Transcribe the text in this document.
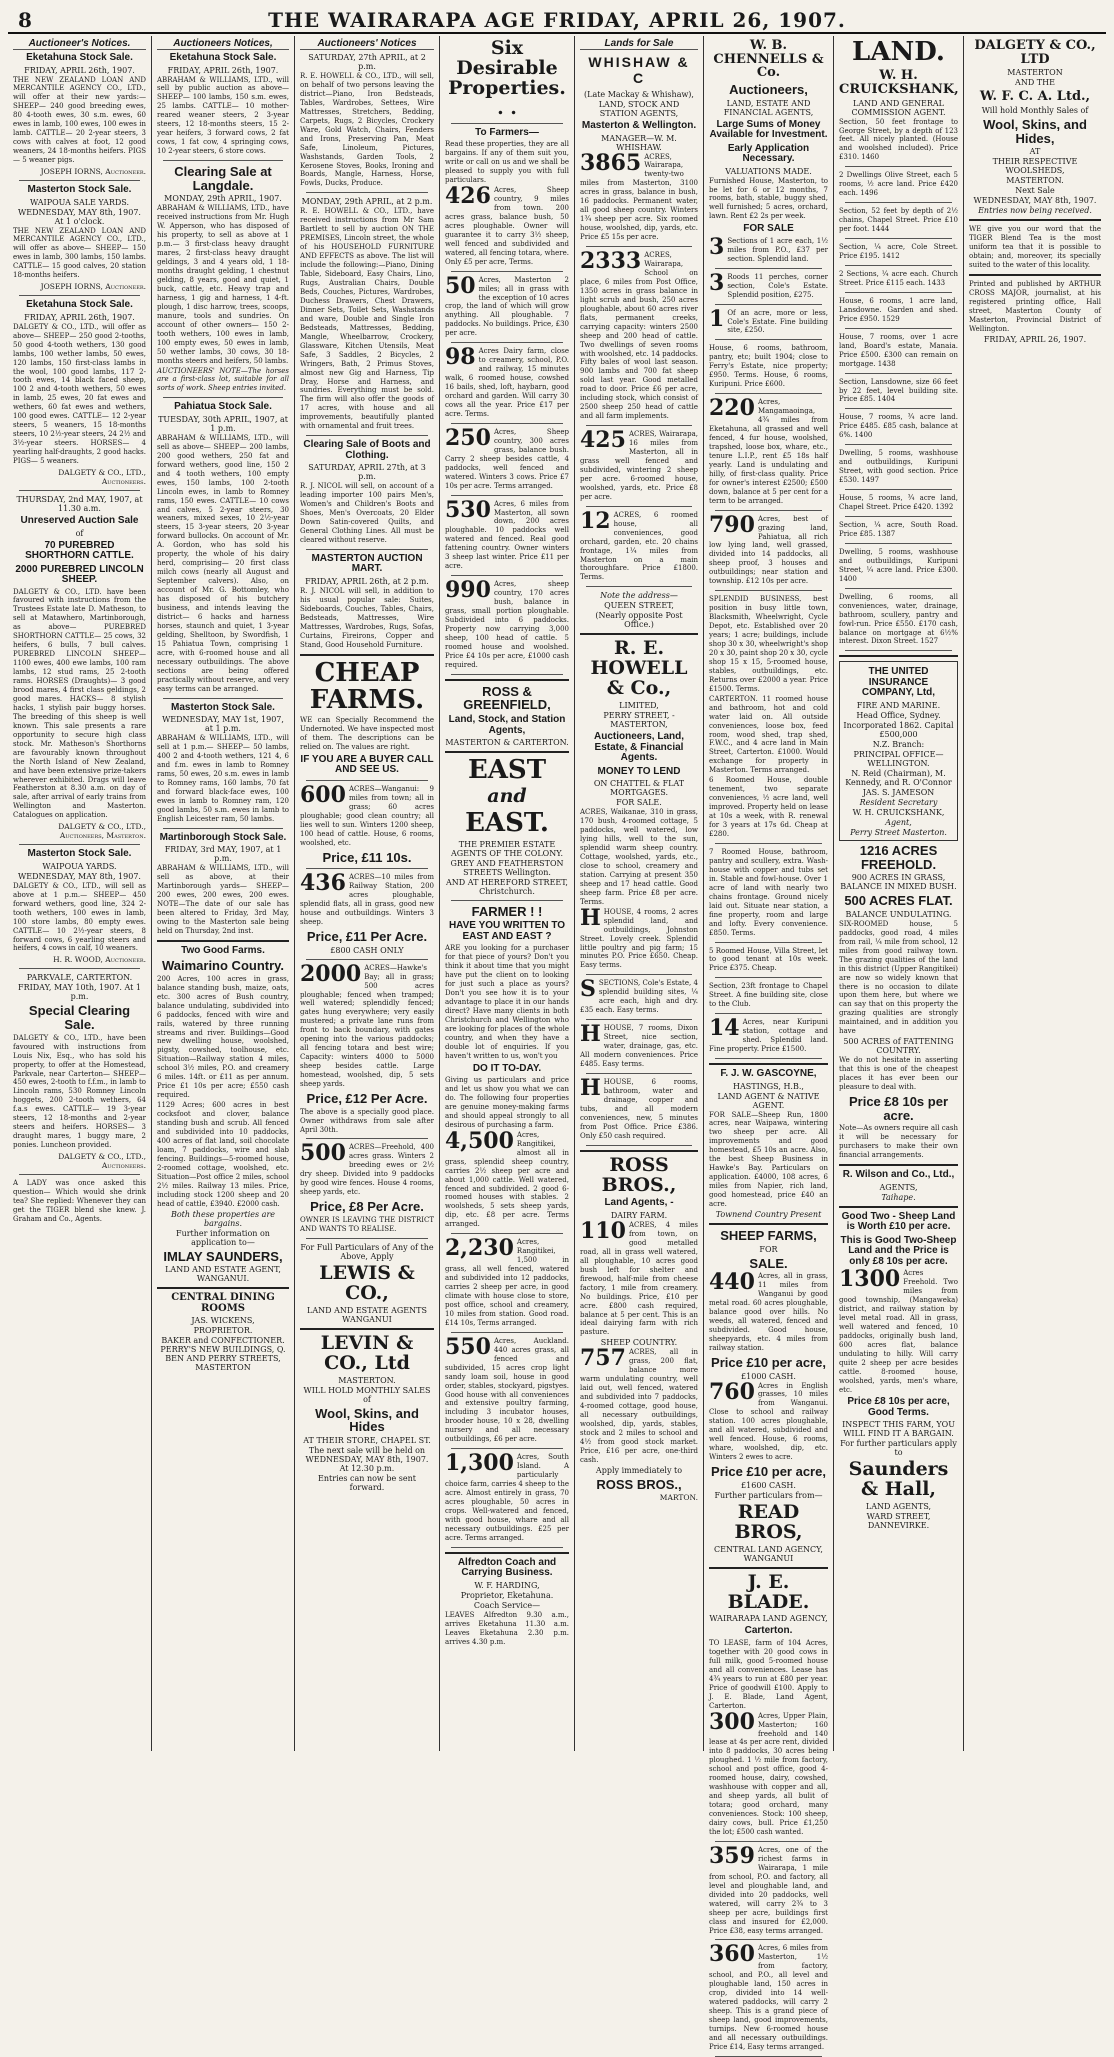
8	THE WAIRARAPA AGE FRIDAY, APRIL 26, 1907.
Auctioneer's Notices.
Eketahuna Stock Sale.
FRIDAY, APRIL 26th, 1907.
THE NEW ZEALAND LOAN AND MERCANTILE AGENCY CO., LTD., will offer at their new yards:— SHEEP— 240 good breeding ewes, 80 4-tooth ewes, 30 s.m. ewes, 60 ewes in lamb, 100 ewes, 100 ewes in lamb. CATTLE— 20 2-year steers, 3 cows with calves at foot, 12 good weaners, 24 18-months heifers. PIGS— 5 weaner pigs.
JOSEPH IORNS, Auctioneer.
Masterton Stock Sale.
WAIPOUA SALE YARDS.
WEDNESDAY, MAY 8th, 1907. At 1 o'clock.
THE NEW ZEALAND LOAN AND MERCANTILE AGENCY CO., LTD., will offer as above— SHEEP— 150 ewes in lamb, 300 lambs, 150 lambs. CATTLE— 15 good calves, 20 station 18-months heifers.
JOSEPH IORNS, Auctioneer.
Eketahuna Stock Sale.
FRIDAY, APRIL 26th, 1907.
DALGETY & CO., LTD., will offer as above— SHEEP— 250 good 2-tooths, 50 good 4-tooth wethers, 130 good lambs, 100 wether lambs, 50 ewes, 120 lambs, 150 first-class lambs in the wool, 100 good lambs, 117 2-tooth ewes, 14 black faced sheep, 100 2 and 4-tooth wethers, 50 ewes in lamb, 25 ewes, 20 fat ewes and wethers, 60 fat ewes and wethers, 100 good ewes. CATTLE— 12 2-year steers, 5 weaners, 15 18-months steers, 10 2½-year steers, 24 2½ and 3½-year steers. HORSES— 4 yearling half-draughts, 2 good hacks. PIGS— 5 weaners.
DALGETY & CO., LTD., Auctioneers.
THURSDAY, 2nd MAY, 1907, at 11.30 a.m.
Unreserved Auction Sale
of
70 PUREBRED SHORTHORN CATTLE.
2000 PUREBRED LINCOLN SHEEP.
DALGETY & CO., LTD. have been favoured with instructions from the Trustees Estate late D. Matheson, to sell at Matawhero, Martinborough, as above— PUREBRED SHORTHORN CATTLE— 25 cows, 32 heifers, 6 bulls, 7 bull calves. PUREBRED LINCOLN SHEEP— 1100 ewes, 400 ewe lambs, 100 ram lambs, 12 stud rams, 25 2-tooth rams. HORSES (Draughts)— 3 good brood mares, 4 first class geldings, 2 good mares. HACKS— 8 stylish hacks, 1 stylish pair buggy horses. The breeding of this sheep is well known. This sale presents a rare opportunity to secure high class stock. Mr. Matheson's Shorthorns are favourably known throughout the North Island of New Zealand, and have been extensive prize-takers wherever exhibited. Drags will leave Featherston at 8.30 a.m. on day of sale, after arrival of early trains from Wellington and Masterton. Catalogues on application.
DALGETY & CO., LTD., Auctioneers, Masterton.
Masterton Stock Sale.
WAIPOUA YARDS.
WEDNESDAY, MAY 8th, 1907.
DALGETY & CO., LTD., will sell as above at 1 p.m.— SHEEP— 450 forward wethers, good line, 324 2-tooth wethers, 100 ewes in lamb, 100 store lambs, 80 empty ewes. CATTLE— 10 2½-year steers, 8 forward cows, 6 yearling steers and heifers, 4 cows in calf, 10 weaners.
H. R. WOOD, Auctioneer.
PARKVALE, CARTERTON.
FRIDAY, MAY 10th, 1907. At 1 p.m.
Special Clearing Sale.
DALGETY & CO., LTD., have been favoured with instructions from Louis Nix, Esq., who has sold his property, to offer at the Homestead, Parkvale, near Carterton— SHEEP— 450 ewes, 2-tooth to f.f.m., in lamb to Lincoln rams, 530 Romney Lincoln hoggets, 200 2-tooth wethers, 64 f.a.s ewes. CATTLE— 19 3-year steers, 12 18-months and 2-year steers and heifers. HORSES— 3 draught mares, 1 buggy mare, 2 ponies. Luncheon provided.
DALGETY & CO., LTD., Auctioneers.
A LADY was once asked this question— Which would she drink tea? She replied: Whenever they can get the TIGER blend she knew. J. Graham and Co., Agents.
Auctioneers Notices,
Eketahuna Stock Sale.
FRIDAY, APRIL 26th, 1907.
ABRAHAM & WILLIAMS, LTD., will sell by public auction as above— SHEEP— 100 lambs, 150 s.m. ewes, 25 lambs. CATTLE— 10 mother-reared weaner steers, 2 3-year steers, 12 18-months steers, 15 2-year heifers, 3 forward cows, 2 fat cows, 1 fat cow, 4 springing cows, 10 2-year steers, 6 store cows.
Clearing Sale at Langdale.
MONDAY, 29th APRIL, 1907.
ABRAHAM & WILLIAMS, LTD., have received instructions from Mr. Hugh W. Apperson, who has disposed of his property, to sell as above at 1 p.m.— 3 first-class heavy draught mares, 2 first-class heavy draught geldings, 3 and 4 years old, 1 18-months draught gelding, 1 chestnut gelding, 8 years, good and quiet, 1 buck, cattle, etc. Heavy trap and harness, 1 gig and harness, 1 4-ft. plough, 1 disc harrow, trees, scoops, manure, tools and sundries. On account of other owners— 150 2-tooth wethers, 100 ewes in lamb, 100 empty ewes, 50 ewes in lamb, 50 wether lambs, 30 cows, 30 18-months steers and heifers, 50 lambs.
AUCTIONEERS' NOTE—The horses are a first-class lot, suitable for all sorts of work. Sheep entries invited.
Pahiatua Stock Sale.
TUESDAY, 30th APRIL, 1907, at 1 p.m.
ABRAHAM & WILLIAMS, LTD., will sell as above— SHEEP— 200 lambs, 200 good wethers, 250 fat and forward wethers, good line, 150 2 and 4 tooth wethers, 100 empty ewes, 150 lambs, 100 2-tooth Lincoln ewes, in lamb to Romney rams, 150 ewes. CATTLE— 10 cows and calves, 5 2-year steers, 30 weaners, mixed sexes, 10 2½-year steers, 15 3-year steers, 20 3-year forward bullocks. On account of Mr. A. Gordon, who has sold his property, the whole of his dairy herd, comprising— 20 first class milch cows (nearly all August and September calvers). Also, on account of Mr. G. Bottomley, who has disposed of his butchery business, and intends leaving the district— 6 hacks and harness horses, staunch and quiet, 1 3-year gelding, Shelltoon, by Swordfish, 1 15 Pahiatua Town, comprising 1 acre, with 6-roomed house and all necessary outbuildings. The above sections are being offered practically without reserve, and very easy terms can be arranged.
Masterton Stock Sale.
WEDNESDAY, MAY 1st, 1907, at 1 p.m.
ABRAHAM & WILLIAMS, LTD., will sell at 1 p.m.— SHEEP— 50 lambs, 400 2 and 4-tooth wethers, 121 4, 6 and f.m. ewes in lamb to Romney rams, 50 ewes, 20 s.m. ewes in lamb to Romney rams, 160 lambs, 70 fat and forward black-face ewes, 100 ewes in lamb to Romney ram, 120 good lambs, 50 s.m. ewes in lamb to English Leicester ram, 50 lambs.
Martinborough Stock Sale.
FRIDAY, 3rd MAY, 1907, at 1 p.m.
ABRAHAM & WILLIAMS, LTD., will sell as above, at their Martinborough yards— SHEEP— 200 ewes, 200 ewes, 200 ewes. NOTE—The date of our sale has been altered to Friday, 3rd May, owing to the Masterton sale being held on Thursday, 2nd inst.
Two Good Farms.
Waimarino Country.
200 Acres, 100 acres in grass, balance standing bush, maize, oats, etc. 300 acres of Bush country, balance undulating, subdivided into 6 paddocks, fenced with wire and rails, watered by three running streams and river. Buildings—Good new dwelling house, woolshed, pigsty, cowshed, toolhouse, etc. Situation—Railway station 4 miles, school 3½ miles, P.O. and creamery 6 miles. 14ft. or £11 as per annum. Price £1 10s per acre; £550 cash required.
1129 Acres; 600 acres in best cocksfoot and clover, balance standing bush and scrub. All fenced and subdivided into 10 paddocks, 400 acres of flat land, soil chocolate loam, 7 paddocks, wire and slab fencing. Buildings—5-roomed house, 2-roomed cottage, woolshed, etc. Situation—Post office 2 miles, school 2½ miles. Railway 13 miles. Price, including stock 1200 sheep and 20 head of cattle, £3940. £2000 cash.
Both these properties are bargains.
Further information on application to—
IMLAY SAUNDERS,
LAND AND ESTATE AGENT, WANGANUI.
CENTRAL DINING ROOMS
JAS. WICKENS,
PROPRIETOR.
BAKER and CONFECTIONER. PERRY'S NEW BUILDINGS, Q. BEN AND PERRY STREETS, MASTERTON
Auctioneers' Notices
SATURDAY, 27th APRIL, at 2 p.m.
R. E. HOWELL & CO., LTD., will sell, on behalf of two persons leaving the district—Piano, Iron Bedsteads, Tables, Wardrobes, Settees, Wire Mattresses, Stretchers, Bedding, Carpets, Rugs, 2 Bicycles, Crockery Ware, Gold Watch, Chairs, Fenders and Irons, Preserving Pan, Meat Safe, Linoleum, Pictures, Washstands, Garden Tools, 2 Kerosene Stoves, Books, Ironing and Boards, Mangle, Harness, Horse, Fowls, Ducks, Produce.
MONDAY, 29th APRIL, at 2 p.m.
R. E. HOWELL & CO., LTD., have received instructions from Mr Sam Bartlett to sell by auction ON THE PREMISES, Lincoln street, the whole of his HOUSEHOLD FURNITURE AND EFFECTS as above. The list will include the following:—Piano, Dining Table, Sideboard, Easy Chairs, Lino, Rugs, Australian Chairs, Double Beds, Couches, Pictures, Wardrobes, Duchess Drawers, Chest Drawers, Dinner Sets, Toilet Sets, Washstands and ware, Double and Single Iron Bedsteads, Mattresses, Bedding, Mangle, Wheelbarrow, Crockery, Glassware, Kitchen Utensils, Meat Safe, 3 Saddles, 2 Bicycles, 2 Wringers, Bath, 2 Primus Stoves, almost new Gig and Harness, Tip Dray, Horse and Harness, and sundries. Everything must be sold. The firm will also offer the goods of 17 acres, with house and all improvements, beautifully planted with ornamental and fruit trees.
Clearing Sale of Boots and Clothing.
SATURDAY, APRIL 27th, at 3 p.m.
R. J. NICOL will sell, on account of a leading importer 100 pairs Men's, Women's and Children's Boots and Shoes, Men's Overcoats, 20 Elder Down Satin-covered Quilts, and General Clothing Lines. All must be cleared without reserve.
MASTERTON AUCTION MART.
FRIDAY, APRIL 26th, at 2 p.m.
R. J. NICOL will sell, in addition to his usual popular sale: Suites, Sideboards, Couches, Tables, Chairs, Bedsteads, Mattresses, Wire Mattresses, Wardrobes, Rugs, Sofas, Curtains, Fireirons, Copper and Stand, Good Household Furniture.
CHEAP FARMS.
WE can Specially Recommend the Undernoted. We have inspected most of them. The descriptions can be relied on. The values are right.
IF YOU ARE A BUYER CALL AND SEE US.
600 ACRES—Wanganui: 9 miles from town; all in grass; 60 acres ploughable; good clean country; all lies well to sun. Winters 1200 sheep, 100 head of cattle. House, 6 rooms, woolshed, etc.
Price, £11 10s.
436 ACRES—10 miles from Railway Station, 200 acres ploughable, splendid flats, all in grass, good new house and outbuildings. Winters 3 sheep.
Price, £11 Per Acre.
£800 CASH ONLY
2000 ACRES—Hawke's Bay; all in grass; 500 acres ploughable; fenced when tramped; well watered; splendidly fenced; gates hung everywhere; very easily mustered; a private lane runs from front to back boundary, with gates opening into the various paddocks; all fencing totara and best wire; Capacity: winters 4000 to 5000 sheep besides cattle. Large homestead, woolshed, dip, 5 sets sheep yards.
Price, £12 Per Acre.
The above is a specially good place. Owner withdraws from sale after April 30th.
500 ACRES—Freehold, 400 acres grass. Winters 2 breeding ewes or 2½ dry sheep. Divided into 9 paddocks by good wire fences. House 4 rooms, sheep yards, etc.
Price, £8 Per Acre.
OWNER IS LEAVING THE DISTRICT AND WANTS TO REALISE.
For Full Particulars of Any of the Above, Apply
LEWIS & CO.,
LAND AND ESTATE AGENTS WANGANUI
LEVIN & CO., Ltd
MASTERTON.
WILL HOLD MONTHLY SALES of
Wool, Skins, and Hides
AT THEIR STORE, CHAPEL ST.
The next sale will be held on WEDNESDAY, MAY 8th, 1907. At 12.30 p.m.
Entries can now be sent forward.
Six Desirable Properties. . .
To Farmers—
Read these properties, they are all bargains. If any of them suit you, write or call on us and we shall be pleased to supply you with full particulars.
426 Acres, Sheep country, 9 miles from town. 200 acres grass, balance bush, 50 acres ploughable. Owner will guarantee it to carry 3½ sheep, well fenced and subdivided and watered, all fencing totara, where. Only £5 per acre, Terms.
50 Acres, Masterton 2 miles; all in grass with the exception of 10 acres crop, the land of which will grow anything. All ploughable. 7 paddocks. No buildings. Price, £30 per acre.
98 Acres Dairy farm, close to creamery, school, P.O. and railway, 15 minutes walk, 6 roomed house, cowshed 16 bails, shed, loft, haybarn, good orchard and garden. Will carry 30 cows all the year. Price £17 per acre. Terms.
250 Acres, Sheep country, 300 acres grass, balance bush. Carry 2 sheep besides cattle, 4 paddocks, well fenced and watered. Winters 3 cows. Price £7 10s per acre. Terms arranged.
530 Acres, 6 miles from Masterton, all sown down, 200 acres ploughable. 10 paddocks well watered and fenced. Real good fattening country. Owner winters 3 sheep last winter. Price £11 per acre.
990 Acres, sheep country, 170 acres bush, balance in grass, small portion ploughable. Subdivided into 6 paddocks. Property now carrying 3,000 sheep, 100 head of cattle. 5 roomed house and woolshed. Price £4 10s per acre, £1000 cash required.
ROSS & GREENFIELD,
Land, Stock, and Station Agents,
MASTERTON & CARTERTON.
EAST
and
EAST.
THE PREMIER ESTATE AGENTS OF THE COLONY.
GREY AND FEATHERSTON STREETS Wellington.
AND AT HEREFORD STREET, Christchurch.
FARMER ! !
HAVE YOU WRITTEN TO EAST AND EAST ?
ARE you looking for a purchaser for that piece of yours? Don't you think it about time that you might have put the client on to looking for just such a place as yours? Don't you see how it is to your advantage to place it in our hands direct? Have many clients in both Christchurch and Wellington who are looking for places of the whole country, and when they have a double lot of enquiries. If you haven't written to us, won't you
DO IT TO-DAY.
Giving us particulars and price and let us show you what we can do. The following four properties are genuine money-making farms and should appeal strongly to all desirous of purchasing a farm.
4,500 Acres, Rangitikei, almost all in grass, splendid sheep country, carries 2½ sheep per acre and about 1,000 cattle. Well watered, fenced and subdivided. 2 good 6-roomed houses with stables. 2 woolsheds, 5 sets sheep yards, dip, etc. £8 per acre. Terms arranged.
2,230 Acres, Rangitikei, 1,500 in grass, all well fenced, watered and subdivided into 12 paddocks, carries 2 sheep per acre, in good climate with house close to store, post office, school and creamery, 10 miles from station. Good road. £14 10s, Terms arranged.
550 Acres, Auckland. 440 acres grass, all fenced and subdivided, 15 acres crop light sandy loam soil, house in good order, stables, stockyard, pigstyes. Good house with all conveniences and extensive poultry farming, including 3 incubator houses, brooder house, 10 x 28, dwelling nursery and all necessary outbuildings, £6 per acre.
1,300 Acres, South Island. A particularly choice farm, carries 4 sheep to the acre. Almost entirely in grass, 70 acres ploughable, 50 acres in crops. Well-watered and fenced, with good house, whare and all necessary outbuildings. £25 per acre. Terms arranged.
Alfredton Coach and Carrying Business.
W. F. HARDING,
Proprietor, Eketahuna.
Coach Service—
LEAVES Alfredton 9.30 a.m., arrives Eketahuna 11.30 a.m. Leaves Eketahuna 2.30 p.m. arrives 4.30 p.m.
Lands for Sale
WHISHAW & C
(Late Mackay & Whishaw),
LAND, STOCK AND STATION AGENTS,
Masterton & Wellington.
MANAGER—W. M. WHISHAW.
3865 ACRES, Wairarapa, twenty-two miles from Masterton, 3100 acres in grass, balance in bush, 16 paddocks. Permanent water, all good sheep country. Winters 1¾ sheep per acre. Six roomed house, woolshed, dip, yards, etc. Price £5 15s per acre.
2333 ACRES, Wairarapa, School on place, 6 miles from Post Office, 1350 acres in grass balance in light scrub and bush, 250 acres ploughable, about 60 acres river flats, permanent creeks, carrying capacity: winters 2500 sheep and 200 head of cattle. Two dwellings of seven rooms with woolshed, etc. 14 paddocks. Fifty bales of wool last season. 900 lambs and 700 fat sheep sold last year. Good metalled road to door. Price £6 per acre, including stock, which consist of 2500 sheep 250 head of cattle and all farm implements.
425 ACRES, Wairarapa, 16 miles from Masterton, all in grass well fenced and subdivided, wintering 2 sheep per acre. 6-roomed house, woolshed, yards, etc. Price £8 per acre.
12 ACRES, 6 roomed house, all conveniences, good orchard, garden, etc. 20 chains frontage, 1¼ miles from Masterton on a main thoroughfare. Price £1800. Terms.
Note the address—
QUEEN STREET,
(Nearly opposite Post Office.)
R. E. HOWELL & Co.,
LIMITED,
PERRY STREET, - MASTERTON,
Auctioneers, Land, Estate, & Financial Agents.
MONEY TO LEND
ON CHATTEL & FLAT MORTGAGES.
FOR SALE.
ACRES, Waikanae, 310 in grass, 170 bush, 4-roomed cottage, 5 paddocks, well watered, low lying hills, well to the sun, splendid warm sheep country. Cottage, woolshed, yards, etc., close to school, creamery and station. Carrying at present 350 sheep and 17 head cattle. Good sheep farm. Price £8 per acre. Terms.
HHOUSE, 4 rooms, 2 acres splendid land, and outbuildings, Johnston Street. Lovely creek. Splendid little poultry and pig farm; 15 minutes P.O. Price £650. Cheap. Easy terms.
SSECTIONS, Cole's Estate, 4 splendid building sites, ¼ acre each, high and dry. £35 each. Easy terms.
HHOUSE, 7 rooms, Dixon Street, nice section, water, drainage, gas, etc. All modern conveniences. Price £485. Easy terms.
HHOUSE, 6 rooms, bathroom, water and drainage, copper and tubs, and all modern conveniences, new, 5 minutes from Post Office. Price £386. Only £50 cash required.
ROSS BROS.,
Land Agents, -
DAIRY FARM.
110 ACRES, 4 miles from town, on good metalled road, all in grass well watered, all ploughable, 10 acres good bush left for shelter and firewood, half-mile from cheese factory, 1 mile from creamery. No buildings. Price, £10 per acre. £800 cash required, balance at 5 per cent. This is an ideal dairying farm with rich pasture.
SHEEP COUNTRY.
757 ACRES, all in grass, 200 flat, balance more warm undulating country, well laid out, well fenced, watered and subdivided into 7 paddocks, 4-roomed cottage, good house, all necessary outbuildings, woolshed, dip, yards, stables, stock and 2 miles to school and 4½ from good stock market. Price, £16 per acre, one-third cash.
Apply immediately to
ROSS BROS.,
MARTON.
W. B. CHENNELLS & Co.
Auctioneers,
LAND, ESTATE AND FINANCIAL AGENTS,
Large Sums of Money Available for Investment.
Early Application Necessary.
VALUATIONS MADE.
Furnished House, Masterton, to be let for 6 or 12 months, 7 rooms, bath, stable, buggy shed, well furnished; 5 acres, orchard, lawn. Rent £2 2s per week.
FOR SALE
3 Sections of 1 acre each, 1½ miles from P.O., £37 per section. Splendid land.
3 Roods 11 perches, corner section, Cole's Estate. Splendid position, £275.
1 Of an acre, more or less, Cole's Estate. Fine building site, £250.
House, 6 rooms, bathroom, pantry, etc; built 1904; close to Ferry's Estate, nice property; £950. Terms. House, 6 rooms, Kuripuni. Price £600.
220 Acres, Mangamaoinga, 4¾ miles from Eketahuna, all grassed and well fenced, 4 fur house, woolshed, trapshed, loose box, whare, etc., tenure L.I.P., rent £5 18s half yearly. Land is undulating and hilly, of first-class quality. Price for owner's interest £2500; £500 down, balance at 5 per cent for a term to be arranged.
790 Acres, best of grazing land, Pahiatua, all rich low lying land, well grassed, divided into 14 paddocks, all sheep proof, 3 houses and outbuildings; near station and township. £12 10s per acre.
SPLENDID BUSINESS, best position in busy little town, Blacksmith, Wheelwright, Cycle Depot, etc. Established over 20 years; 1 acre; buildings, include shop 30 x 30, wheelwright's shop 20 x 30, paint shop 20 x 30, cycle shop 15 x 15, 5-roomed house, stables, outbuildings, etc. Returns over £2000 a year. Price £1500. Terms.
CARTERTON. 11 roomed house and bathroom, hot and cold water laid on. All outside conveniences, loose box, feed room, wood shed, trap shed, F.W.C., and 4 acre land in Main Street, Carterton. £1000. Would exchange for property in Masterton. Terms arranged.
6 Roomed House, double tenement, two separate conveniences, ½ acre land, well improved. Property held on lease at 10s a week, with R. renewal for 3 years at 17s 6d. Cheap at £280.
7 Roomed House, bathroom, pantry and scullery, extra. Wash-house with copper and tubs set in. Stable and fowl-house. Over 1 acre of land with nearly two chains frontage. Ground nicely laid out. Situate near station, a fine property, room and large and lofty. Every convenience. £850. Terms.
5 Roomed House, Villa Street, let to good tenant at 10s week. Price £375. Cheap.
Section, 23ft frontage to Chapel Street. A fine building site, close to the Club.
14 Acres, near Kuripuni station, cottage and shed. Splendid land. Fine property. Price £1500.
F. J. W. GASCOYNE,
HASTINGS, H.B.,
LAND AGENT & NATIVE AGENT.
FOR SALE—Sheep Run, 1800 acres, near Waipawa, wintering two sheep per acre. All improvements and good homestead, £5 10s an acre. Also, the best Sheep Business in Hawke's Bay. Particulars on application. £4000, 108 acres, 6 miles from Napier, rich land, good homestead, price £40 an acre.
Townend Country Present
SHEEP FARMS,
FOR
SALE.
440 Acres, all in grass, 11 miles from Wanganui by good metal road. 60 acres ploughable, balance good over hills. No weeds, all watered, fenced and subdivided. Good house, sheepyards, etc. 4 miles from railway station.
Price £10 per acre,
£1000 CASH.
760 Acres in English grasses, 10 miles from Wanganui. Close to school and railway station. 100 acres ploughable, and all watered, subdivided and well fenced. House, 6 rooms, whare, woolshed, dip, etc. Winters 2 ewes to acre.
Price £10 per acre,
£1600 CASH.
Further particulars from—
READ BROS,
CENTRAL LAND AGENCY, WANGANUI
J. E. BLADE.
WAIRARAPA LAND AGENCY,
Carterton.
TO LEASE, farm of 104 Acres, together with 20 good cows in full milk, good 5-roomed house and all conveniences. Lease has 4¾ years to run at £80 per year. Price of goodwill £100. Apply to J. E. Blade, Land Agent, Carterton.
300 Acres, Upper Plain, Masterton; 160 freehold and 140 lease at 4s per acre rent, divided into 8 paddocks, 30 acres being ploughed. 1 ½ mile from factory, school and post office, good 4-roomed house, dairy, cowshed, washhouse with copper and all, and sheep yards, all bulit of totara; good orchard, many conveniences. Stock: 100 sheep, dairy cows, bull. Price £1,250 the lot; £500 cash wanted.
359 Acres, one of the richest farms in Wairarapa, 1 mile from school, P.O. and factory, all level and ploughable land, and divided into 20 paddocks, well watered, will carry 2¾ to 3 sheep per acre, buildings first class and insured for £2,000. Price £38, easy terms arranged.
360 Acres, 6 miles from Masterton, 1½ from factory, school, and P.O., all level and ploughable land, 150 acres in crop, divided into 14 well-watered paddocks, will carry 2 sheep. This is a grand piece of sheep land, good improvements, turnips. New 6-roomed house and all necessary outbuildings. Price £14, Easy terms arranged.
LAND.
W. H. CRUICKSHANK,
LAND AND GENERAL COMMISSION AGENT.
Section, 50 feet frontage to George Street, by a depth of 123 feet. All nicely planted. (House and woolshed included). Price £310. 1460
2 Dwellings Olive Street, each 5 rooms, ½ acre land. Price £420 each. 1496
Section, 52 feet by depth of 2½ chains, Chapel Street. Price £10 per foot. 1444
Section, ¼ acre, Cole Street. Price £195. 1412
2 Sections, ¼ acre each. Church Street. Price £115 each. 1433
House, 6 rooms, 1 acre land, Lansdowne. Garden and shed. Price £950. 1529
House, 7 rooms, over 1 acre land, Board's estate, Manaia. Price £500. £300 can remain on mortgage. 1438
Section, Lansdowne, size 66 feet by 22 feet, level building site. Price £85. 1404
House, 7 rooms, ¾ acre land. Price £485. £85 cash, balance at 6%. 1400
Dwelling, 5 rooms, washhouse and outbuildings, Kuripuni Street, with good section. Price £530. 1497
House, 5 rooms, ¾ acre land, Chapel Street. Price £420. 1392
Section, ¼ acre, South Road. Price £85. 1387
Dwelling, 5 rooms, washhouse and outbuildings, Kuripuni Street, ¼ acre land. Price £300. 1400
Dwelling, 6 rooms, all conveniences, water, drainage, bathroom, scullery, pantry and fowl-run. Price £550. £170 cash, balance on mortgage at 6½% interest. Dixon Street. 1527
THE UNITED INSURANCE COMPANY, Ltd,
FIRE AND MARINE.
Head Office, Sydney.
Incorporated 1862. Capital £500,000
N.Z. Branch:
PRINCIPAL OFFICE—WELLINGTON.
N. Reid (Chairman), M. Kennedy, and R. O'Connor
JAS. S. JAMESON
Resident Secretary
W. H. CRUICKSHANK,
Agent,
Perry Street Masterton.
1216 ACRES FREEHOLD.
900 ACRES IN GRASS, BALANCE IN MIXED BUSH.
500 ACRES FLAT.
BALANCE UNDULATING.
SIX-ROOMED house, 5 paddocks, good road, 4 miles from rail, ¼ mile from school, 12 miles from good railway town. The grazing qualities of the land in this district (Upper Rangitikei) are now so widely known that there is no occasion to dilate upon them here, but where we can say that on this property the grazing qualities are strongly maintained, and in addition you have
500 ACRES of FATTENING COUNTRY.
We do not hesitate in asserting that this is one of the cheapest places it has ever been our pleasure to deal with.
Price £8 10s per acre.
Note—As owners require all cash it will be necessary for purchasers to make their own financial arrangements.
R. Wilson and Co., Ltd.,
AGENTS,
Taihape.
Good Two - Sheep Land is Worth £10 per acre.
This is Good Two-Sheep Land and the Price is only £8 10s per acre.
1300 Acres Freehold. Two miles from good township, (Mangaweka) district, and railway station by level metal road. All in grass, well watered and fenced, 10 paddocks, originally bush land, 600 acres flat, balance undulating to hilly. Will carry quite 2 sheep per acre besides cattle. 8-roomed house, woolshed, yards, men's whare, etc.
Price £8 10s per acre, Good Terms.
INSPECT THIS FARM, YOU WILL FIND IT A BARGAIN.
For further particulars apply to
Saunders & Hall,
LAND AGENTS,
WARD STREET, DANNEVIRKE.
DALGETY & CO., LTD
MASTERTON
AND THE
W. F. C. A. Ltd.,
Will hold Monthly Sales of
Wool, Skins, and Hides,
AT
THEIR RESPECTIVE WOOLSHEDS,
MASTERTON.
Next Sale
WEDNESDAY, MAY 8th, 1907.
Entries now being received.
WE give you our word that the TIGER Blend Tea is the most uniform tea that it is possible to obtain; and, moreover, its specially suited to the water of this locality.
Printed and published by ARTHUR CROSS MAJOR, journalist, at his registered printing office, Hall street, Masterton County of Masterton, Provincial District of Wellington.
FRIDAY, APRIL 26, 1907.
